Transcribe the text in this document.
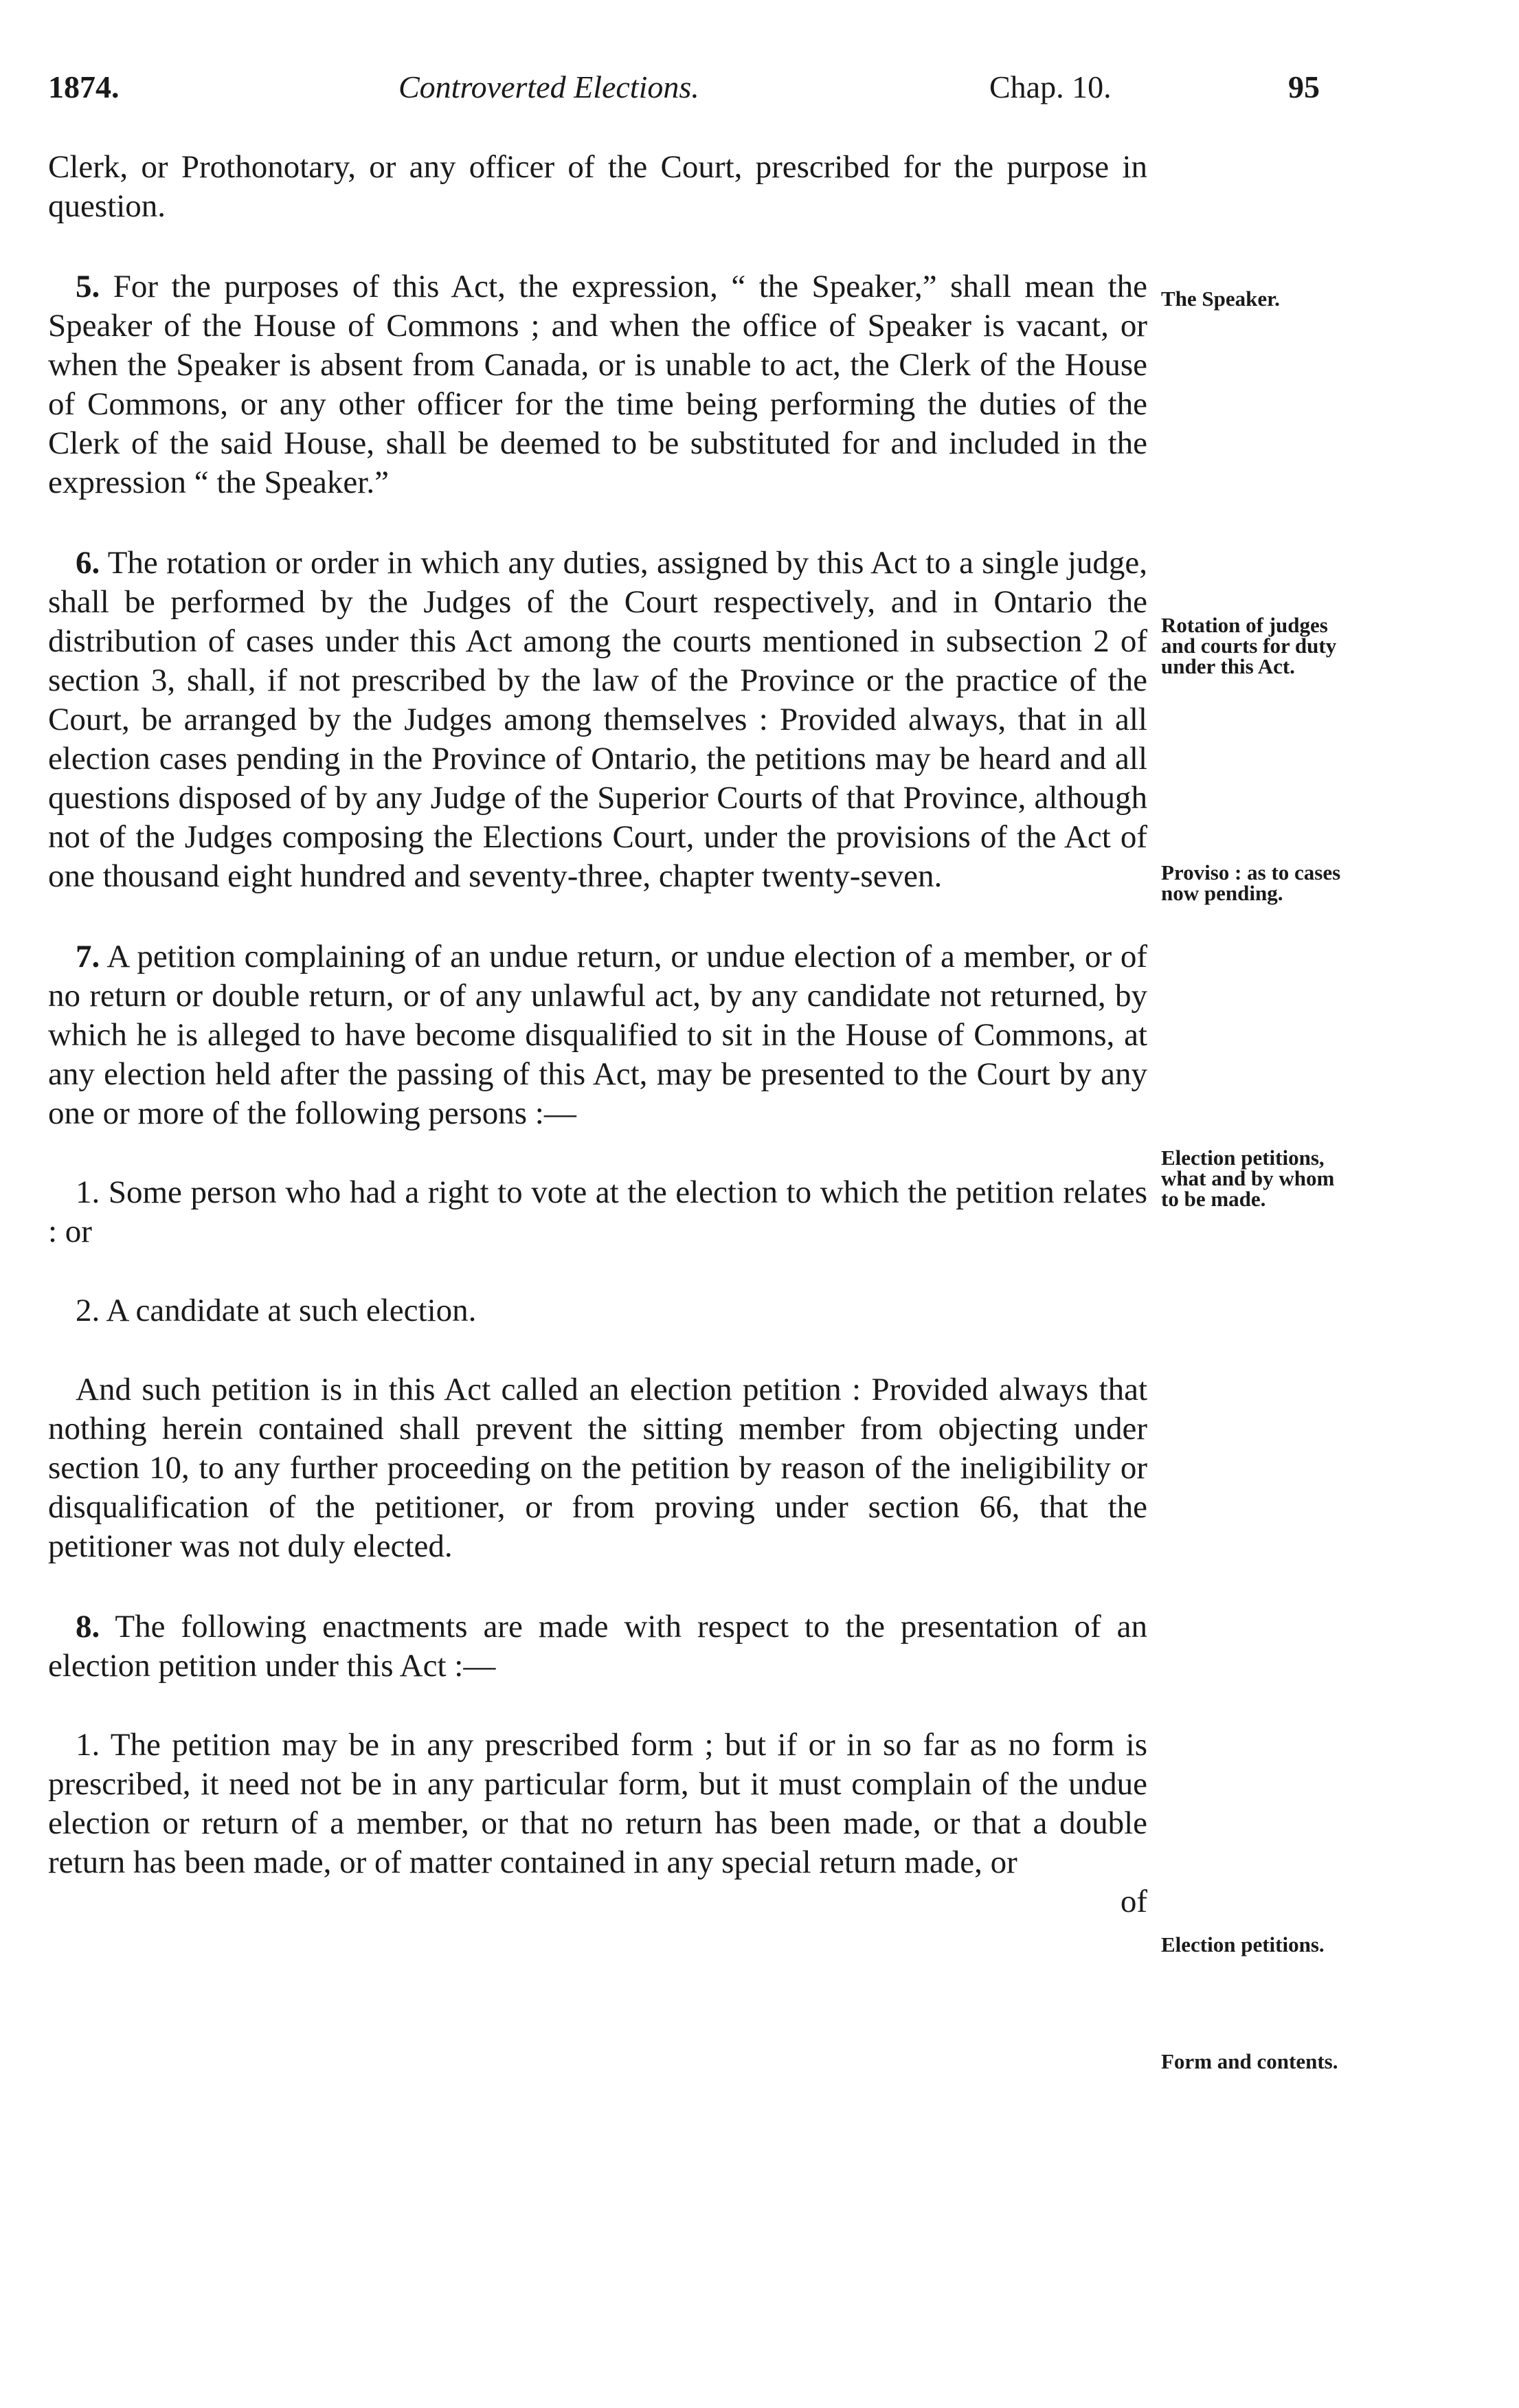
1874.	Controverted Elections.	Chap. 10.	95

Clerk, or Prothonotary, or any officer of the Court, prescribed for the purpose in question.

5. For the purposes of this Act, the expression, “ the Speaker,” shall mean the Speaker of the House of Commons ; and when the office of Speaker is vacant, or when the Speaker is absent from Canada, or is unable to act, the Clerk of the House of Commons, or any other officer for the time being performing the duties of the Clerk of the said House, shall be deemed to be substituted for and included in the expression “ the Speaker.”

6. The rotation or order in which any duties, assigned by this Act to a single judge, shall be performed by the Judges of the Court respectively, and in Ontario the distribution of cases under this Act among the courts mentioned in subsection 2 of section 3, shall, if not prescribed by the law of the Province or the practice of the Court, be arranged by the Judges among themselves : Provided always, that in all election cases pending in the Province of Ontario, the petitions may be heard and all questions disposed of by any Judge of the Superior Courts of that Province, although not of the Judges composing the Elections Court, under the provisions of the Act of one thousand eight hundred and seventy-three, chapter twenty-seven.

7. A petition complaining of an undue return, or undue election of a member, or of no return or double return, or of any unlawful act, by any candidate not returned, by which he is alleged to have become disqualified to sit in the House of Commons, at any election held after the passing of this Act, may be presented to the Court by any one or more of the following persons :—

1. Some person who had a right to vote at the election to which the petition relates : or

2. A candidate at such election.

And such petition is in this Act called an election petition : Provided always that nothing herein contained shall prevent the sitting member from objecting under section 10, to any further proceeding on the petition by reason of the ineligibility or disqualification of the petitioner, or from proving under section 66, that the petitioner was not duly elected.

8. The following enactments are made with respect to the presentation of an election petition under this Act :—

1. The petition may be in any prescribed form ; but if or in so far as no form is prescribed, it need not be in any particular form, but it must complain of the undue election or return of a member, or that no return has been made, or that a double return has been made, or of matter contained in any special return made, or

of

The Speaker.
Rotation of judges and courts for duty under this Act.
Proviso : as to cases now pending.
Election petitions, what and by whom to be made.
Election petitions.
Form and contents.
